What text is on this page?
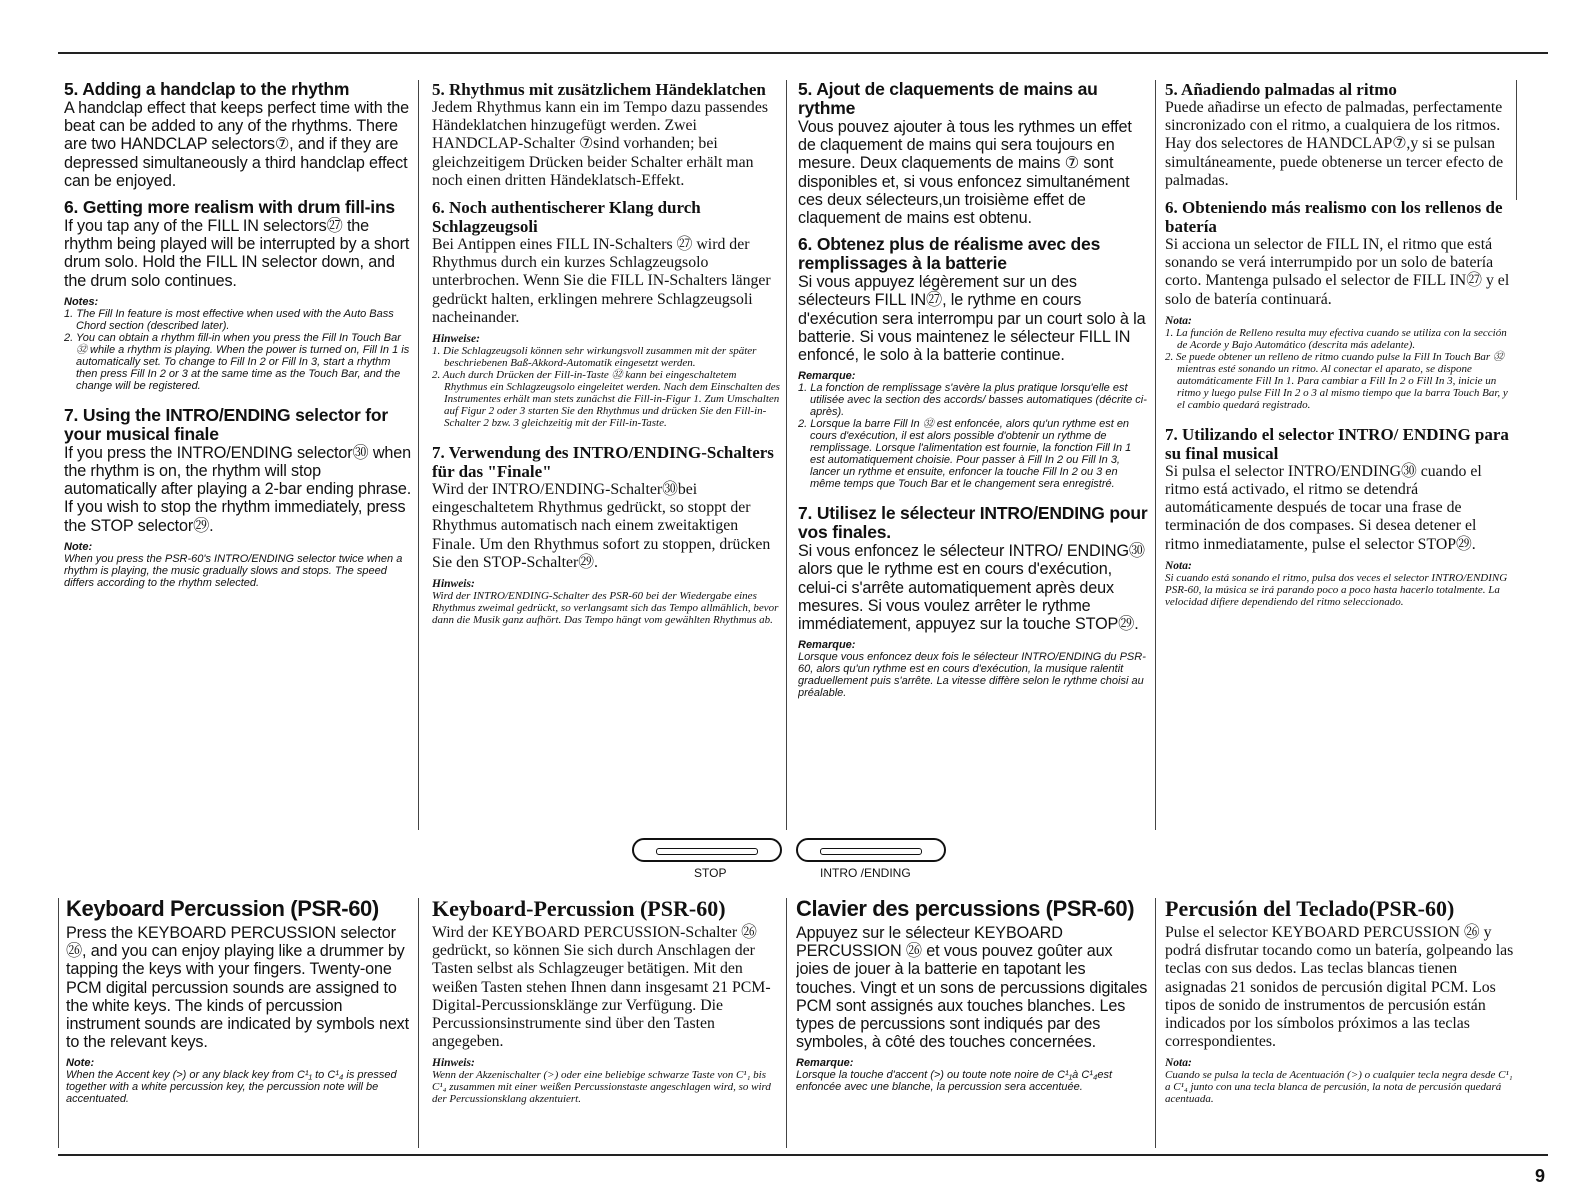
5. Adding a handclap to the rhythm

A handclap effect that keeps perfect time with the beat can be added to any of the rhythms. There are two HANDCLAP selectors⑦, and if they are depressed simultaneously a third handclap effect can be enjoyed.

6. Getting more realism with drum fill-ins

If you tap any of the FILL IN selectors㉗ the rhythm being played will be interrupted by a short drum solo. Hold the FILL IN selector down, and the drum solo continues.

Notes:
1. The Fill In feature is most effective when used with the Auto Bass Chord section (described later).
2. You can obtain a rhythm fill-in when you press the Fill In Touch Bar ㉜ while a rhythm is playing. When the power is turned on, Fill In 1 is automatically set. To change to Fill In 2 or Fill In 3, start a rhythm then press Fill In 2 or 3 at the same time as the Touch Bar, and the change will be registered.
7. Using the INTRO/ENDING selector for your musical finale

If you press the INTRO/ENDING selector㉚ when the rhythm is on, the rhythm will stop automatically after playing a 2-bar ending phrase. If you wish to stop the rhythm immediately, press the STOP selector㉙.

Note:
When you press the PSR-60's INTRO/ENDING selector twice when a rhythm is playing, the music gradually slows and stops. The speed differs according to the rhythm selected.
5. Rhythmus mit zusätzlichem Händeklatchen

Jedem Rhythmus kann ein im Tempo dazu passendes Händeklatchen hinzugefügt werden. Zwei HANDCLAP-Schalter ⑦sind vorhanden; bei gleichzeitigem Drücken beider Schalter erhält man noch einen dritten Händeklatsch-Effekt.

6. Noch authentischerer Klang durch Schlagzeugsoli

Bei Antippen eines FILL IN-Schalters ㉗ wird der Rhythmus durch ein kurzes Schlagzeugsolo unterbrochen. Wenn Sie die FILL IN-Schalters länger gedrückt halten, erklingen mehrere Schlagzeugsoli nacheinander.

Hinweise:
1. Die Schlagzeugsoli können sehr wirkungsvoll zusammen mit der später beschriebenen Baß-Akkord-Automatik eingesetzt werden.
2. Auch durch Drücken der Fill-in-Taste ㉜ kann bei eingeschaltetem Rhythmus ein Schlagzeugsolo eingeleitet werden. Nach dem Einschalten des Instrumentes erhält man stets zunächst die Fill-in-Figur 1. Zum Umschalten auf Figur 2 oder 3 starten Sie den Rhythmus und drücken Sie den Fill-in-Schalter 2 bzw. 3 gleichzeitig mit der Fill-in-Taste.
7. Verwendung des INTRO/ENDING-Schalters für das "Finale"

Wird der INTRO/ENDING-Schalter㉚bei eingeschaltetem Rhythmus gedrückt, so stoppt der Rhythmus automatisch nach einem zweitaktigen Finale. Um den Rhythmus sofort zu stoppen, drücken Sie den STOP-Schalter㉙.

Hinweis:
Wird der INTRO/ENDING-Schalter des PSR-60 bei der Wiedergabe eines Rhythmus zweimal gedrückt, so verlangsamt sich das Tempo allmählich, bevor dann die Musik ganz aufhört. Das Tempo hängt vom gewählten Rhythmus ab.
5. Ajout de claquements de mains au rythme

Vous pouvez ajouter à tous les rythmes un effet de claquement de mains qui sera toujours en mesure. Deux claquements de mains ⑦ sont disponibles et, si vous enfoncez simultanément ces deux sélecteurs,un troisième effet de claquement de mains est obtenu.

6. Obtenez plus de réalisme avec des remplissages à la batterie

Si vous appuyez légèrement sur un des sélecteurs FILL IN㉗, le rythme en cours d'exécution sera interrompu par un court solo à la batterie. Si vous maintenez le sélecteur FILL IN enfoncé, le solo à la batterie continue.

Remarque:
1. La fonction de remplissage s'avère la plus pratique lorsqu'elle est utilisée avec la section des accords/ basses automatiques (décrite ci-après).
2. Lorsque la barre Fill In ㉜ est enfoncée, alors qu'un rythme est en cours d'exécution, il est alors possible d'obtenir un rythme de remplissage. Lorsque l'alimentation est fournie, la fonction Fill In 1 est automatiquement choisie. Pour passer à Fill In 2 ou Fill In 3, lancer un rythme et ensuite, enfoncer la touche Fill In 2 ou 3 en même temps que Touch Bar et le changement sera enregistré.
7. Utilisez le sélecteur INTRO/ENDING pour vos finales.

Si vous enfoncez le sélecteur INTRO/ ENDING㉚alors que le rythme est en cours d'exécution, celui-ci s'arrête automatiquement après deux mesures. Si vous voulez arrêter le rythme immédiatement, appuyez sur la touche STOP㉙.

Remarque:
Lorsque vous enfoncez deux fois le sélecteur INTRO/ENDING du PSR-60, alors qu'un rythme est en cours d'exécution, la musique ralentit graduellement puis s'arrête. La vitesse diffère selon le rythme choisi au préalable.
5. Añadiendo palmadas al ritmo

Puede añadirse un efecto de palmadas, perfectamente sincronizado con el ritmo, a cualquiera de los ritmos. Hay dos selectores de HANDCLAP⑦,y si se pulsan simultáneamente, puede obtenerse un tercer efecto de palmadas.

6. Obteniendo más realismo con los rellenos de batería

Si acciona un selector de FILL IN, el ritmo que está sonando se verá interrumpido por un solo de batería corto. Mantenga pulsado el selector de FILL IN㉗ y el solo de batería continuará.

Nota:
1. La función de Relleno resulta muy efectiva cuando se utiliza con la sección de Acorde y Bajo Automático (descrita más adelante).
2. Se puede obtener un relleno de ritmo cuando pulse la Fill In Touch Bar ㉜ mientras esté sonando un ritmo. Al conectar el aparato, se dispone automáticamente Fill In 1. Para cambiar a Fill In 2 o Fill In 3, inicie un ritmo y luego pulse Fill In 2 o 3 al mismo tiempo que la barra Touch Bar, y el cambio quedará registrado.
7. Utilizando el selector INTRO/ ENDING para su final musical

Si pulsa el selector INTRO/ENDING㉚ cuando el ritmo está activado, el ritmo se detendrá automáticamente después de tocar una frase de terminación de dos compases. Si desea detener el ritmo inmediatamente, pulse el selector STOP㉙.

Nota:
Si cuando está sonando el ritmo, pulsa dos veces el selector INTRO/ENDING PSR-60, la música se irá parando poco a poco hasta hacerlo totalmente. La velocidad difiere dependiendo del ritmo seleccionado.
STOP	INTRO /ENDING
Keyboard Percussion (PSR-60)

Press the KEYBOARD PERCUSSION selector ㉖, and you can enjoy playing like a drummer by tapping the keys with your fingers. Twenty-one PCM digital percussion sounds are assigned to the white keys. The kinds of percussion instrument sounds are indicated by symbols next to the relevant keys.

Note:
When the Accent key (>) or any black key from C¹₁ to C¹₄ is pressed together with a white percussion key, the percussion note will be accentuated.
Keyboard-Percussion (PSR-60)

Wird der KEYBOARD PERCUSSION-Schalter ㉖ gedrückt, so können Sie sich durch Anschlagen der Tasten selbst als Schlagzeuger betätigen. Mit den weißen Tasten stehen Ihnen dann insgesamt 21 PCM-Digital-Percussionsklänge zur Verfügung. Die Percussionsinstrumente sind über den Tasten angegeben.

Hinweis:
Wenn der Akzenischalter (>) oder eine beliebige schwarze Taste von C¹₁ bis C¹₄ zusammen mit einer weißen Percussionstaste angeschlagen wird, so wird der Percussionsklang akzentuiert.
Clavier des percussions (PSR-60)

Appuyez sur le sélecteur KEYBOARD PERCUSSION ㉖ et vous pouvez goûter aux joies de jouer à la batterie en tapotant les touches. Vingt et un sons de percussions digitales PCM sont assignés aux touches blanches. Les types de percussions sont indiqués par des symboles, à côté des touches concernées.

Remarque:
Lorsque la touche d'accent (>) ou toute note noire de C¹₁à C¹₄est enfoncée avec une blanche, la percussion sera accentuée.
Percusión del Teclado(PSR-60)

Pulse el selector KEYBOARD PERCUSSION ㉖ y podrá disfrutar tocando como un batería, golpeando las teclas con sus dedos. Las teclas blancas tienen asignadas 21 sonidos de percusión digital PCM. Los tipos de sonido de instrumentos de percusión están indicados por los símbolos próximos a las teclas correspondientes.

Nota:
Cuando se pulsa la tecla de Acentuación (>) o cualquier tecla negra desde C¹₁ a C¹₄ junto con una tecla blanca de percusión, la nota de percusión quedará acentuada.
9
